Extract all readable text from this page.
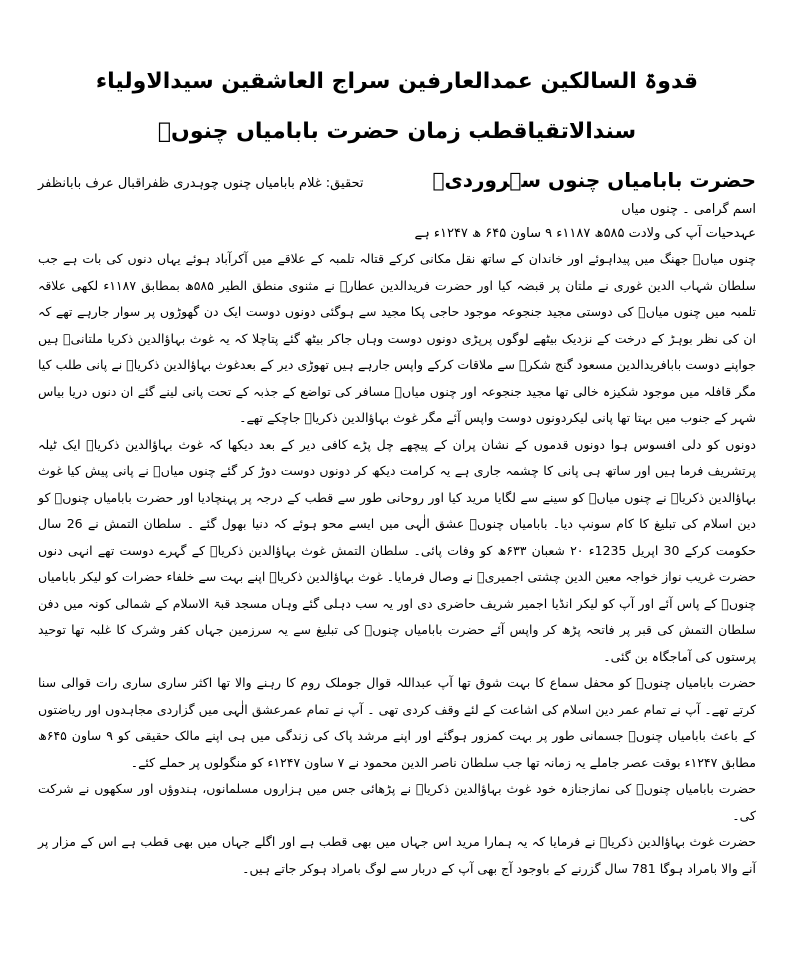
قدوۃ السالکین عمدالعارفین سراج العاشقین سیدالاولیاء
سندالاتقیاقطب زمان حضرت بابامیاں چنوںؒ
حضرت بابامیاں چنوں سہروردیؒ
تحقیق: غلام بابامیاں چنوں چوہدری ظفراقبال عرف بابانظفر

اسم گرامی ۔ چنوں میاں

عہدحیات آپ کی ولادت ۵۸۵ھ ۱۱۸۷ء ۹ ساون ۶۴۵ ھ ۱۲۴۷ء ہے

چنوں میاںؒ جھنگ میں پیداہوئے اور خاندان کے ساتھ نقل مکانی کرکے قتالہ تلمبہ کے علاقے میں آکرآباد ہوئے یہاں دنوں کی بات ہے جب سلطان شہاب الدین غوری نے ملتان پر قبضہ کیا اور حضرت فریدالدین عطارؒ نے مثنوی منطق الطیر ۵۸۵ھ بمطابق ۱۱۸۷ء لکھی علاقہ تلمبہ میں چنوں میاںؒ کی دوستی مجید جنجوعہ موجود حاجی پکا مجید سے ہوگئی دونوں دوست ایک دن گھوڑوں پر سوار جارہے تھے کہ ان کی نظر بوہڑ کے درخت کے نزدیک بیٹھے لوگوں پرپڑی دونوں دوست وہاں جاکر بیٹھ گئے پتاچلا کہ یہ غوث بہاؤالدین ذکریا ملتانیؒ ہیں جواپنے دوست بابافریدالدین مسعود گنج شکرؒ سے ملاقات کرکے واپس جارہے ہیں تھوڑی دیر کے بعدغوث بہاؤالدین ذکریاؒ نے پانی طلب کیا مگر قافلہ میں موجود شکیزہ خالی تھا مجید جنجوعہ اور چنوں میاںؒ مسافر کی تواضع کے جذبہ کے تحت پانی لینے گئے ان دنوں دریا بیاس شہر کے جنوب میں بہتا تھا پانی لیکردونوں دوست واپس آئے مگر غوث بہاؤالدین ذکریاؒ جاچکے تھے۔

دونوں کو دلی افسوس ہوا دونوں قدموں کے نشان پران کے پیچھے چل پڑے کافی دیر کے بعد دیکھا کہ غوث بہاؤالدین ذکریاؒ ایک ٹیلہ پرتشریف فرما ہیں اور ساتھ ہی پانی کا چشمہ جاری ہے یہ کرامت دیکھ کر دونوں دوست دوڑ کر گئے چنوں میاںؒ نے پانی پیش کیا غوث بہاؤالدین ذکریاؒ نے چنوں میاںؒ کو سینے سے لگایا مرید کیا اور روحانی طور سے قطب کے درجہ پر پہنچادیا اور حضرت بابامیاں چنوںؒ کو دین اسلام کی تبلیغ کا کام سونپ دیا۔ بابامیاں چنوںؒ عشق الٰہی میں ایسے محو ہوئے کہ دنیا بھول گئے ۔ سلطان التمش نے 26 سال حکومت کرکے 30 اپریل 1235ء ۲۰ شعبان ۶۳۳ھ کو وفات پائی۔ سلطان التمش غوث بہاؤالدین ذکریاؒ کے گہرے دوست تھے انہی دنوں حضرت غریب نواز خواجہ معین الدین چشتی اجمیریؒ نے وصال فرمایا۔ غوث بہاؤالدین ذکریاؒ اپنے بہت سے خلفاء حضرات کو لیکر بابامیاں چنوںؒ کے پاس آئے اور آپ کو لیکر انڈیا اجمیر شریف حاضری دی اور یہ سب دہلی گئے وہاں مسجد قبۃ الاسلام کے شمالی کونہ میں دفن سلطان التمش کی قبر پر فاتحہ پڑھ کر واپس آئے حضرت بابامیاں چنوںؒ کی تبلیغ سے یہ سرزمین جہاں کفر وشرک کا غلبہ تھا توحید پرستوں کی آماجگاہ بن گئی۔

حضرت بابامیاں چنوںؒ کو محفل سماع کا بہت شوق تھا آپ عبداللہ قوال جوملک روم کا رہنے والا تھا اکثر ساری ساری رات قوالی سنا کرتے تھے۔ آپ نے تمام عمر دین اسلام کی اشاعت کے لئے وقف کردی تھی ۔ آپ نے تمام عمرعشق الٰہی میں گزاردی مجاہدوں اور ریاضتوں کے باعث بابامیاں چنوںؒ جسمانی طور پر بہت کمزور ہوگئے اور اپنے مرشد پاک کی زندگی میں ہی اپنے مالک حقیقی کو ۹ ساون ۶۴۵ھ مطابق ۱۲۴۷ء بوقت عصر جاملے یہ زمانہ تھا جب سلطان ناصر الدین محمود نے ۷ ساون ۱۲۴۷ء کو منگولوں پر حملے کئے۔

حضرت بابامیاں چنوںؒ کی نمازجنازہ خود غوث بہاؤالدین ذکریاؒ نے پڑھائی جس میں ہزاروں مسلمانوں، ہندوؤں اور سکھوں نے شرکت کی۔

حضرت غوث بہاؤالدین ذکریاؒ نے فرمایا کہ یہ ہمارا مرید اس جہاں میں بھی قطب ہے اور اگلے جہاں میں بھی قطب ہے اس کے مزار پر آنے والا بامراد ہوگا 781 سال گزرنے کے باوجود آج بھی آپ کے دربار سے لوگ بامراد ہوکر جاتے ہیں۔
